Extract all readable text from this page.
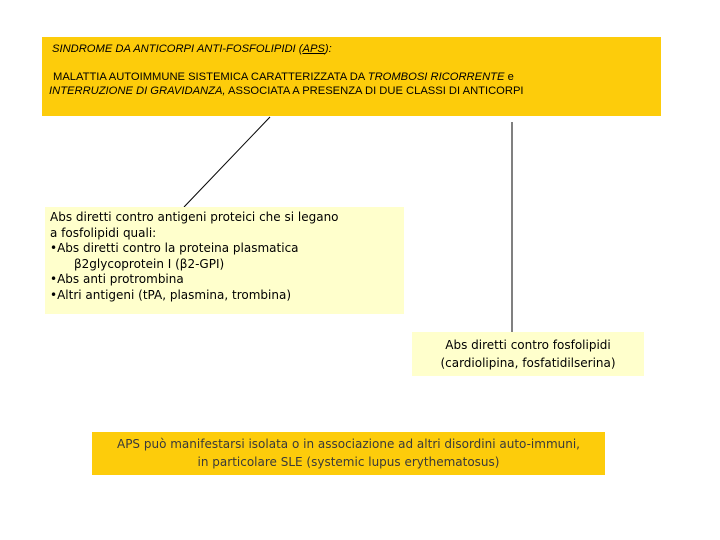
SINDROME DA ANTICORPI ANTI-FOSFOLIPIDI (APS):
MALATTIA AUTOIMMUNE SISTEMICA CARATTERIZZATA DA TROMBOSI RICORRENTE e
INTERRUZIONE DI GRAVIDANZA, ASSOCIATA A PRESENZA DI DUE CLASSI DI ANTICORPI
Abs diretti contro antigeni proteici che si legano
a fosfolipidi quali:
•Abs diretti contro la proteina plasmatica
β2glycoprotein I (β2-GPI)
•Abs anti protrombina
•Altri antigeni (tPA, plasmina, trombina)
Abs diretti contro fosfolipidi
(cardiolipina, fosfatidilserina)
APS può manifestarsi isolata o in associazione ad altri disordini auto-immuni,
in particolare SLE (systemic lupus erythematosus)
